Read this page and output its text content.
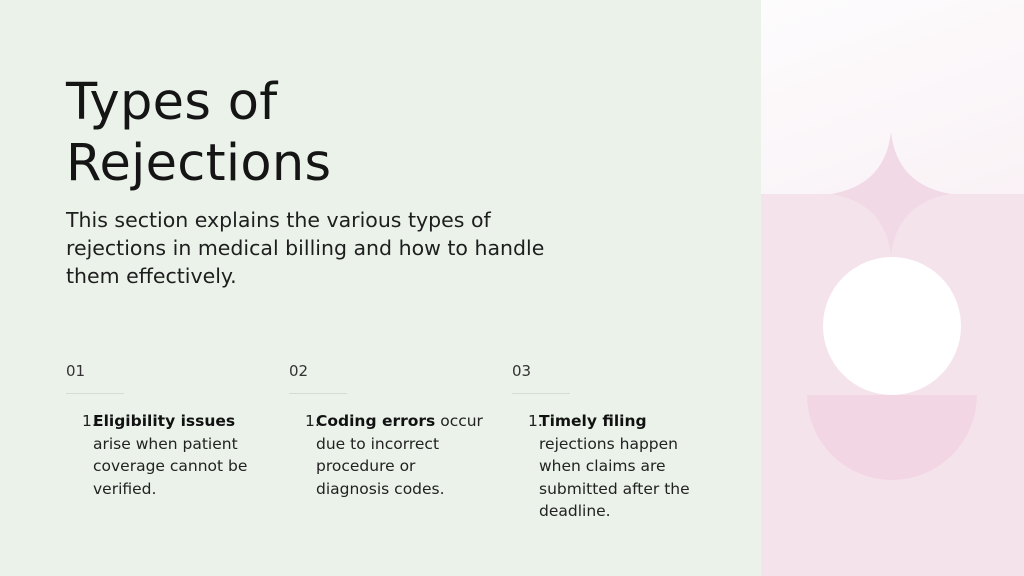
Types of
Rejections

This section explains the various types of rejections in medical billing and how to handle them effectively.

01
1.
Eligibility issues arise when patient coverage cannot be verified.
02
1.
Coding errors occur due to incorrect procedure or diagnosis codes.
03
1.
Timely filing rejections happen when claims are submitted after the deadline.
